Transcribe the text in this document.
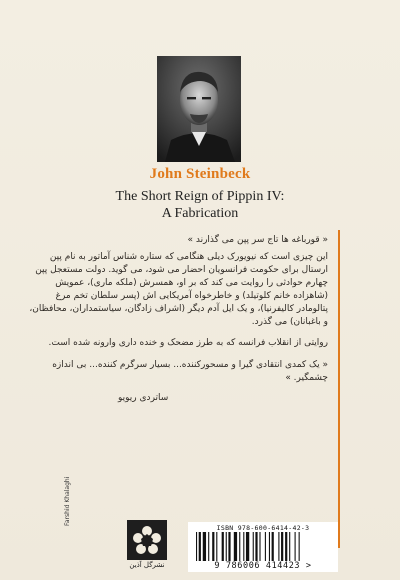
John Steinbeck
The Short Reign of Pippin IV:
A Fabrication
« قورباغه ها تاج سر پپن می گذارند »
این چیزی است که نیویورک دیلی هنگامی که ستاره شناس آماتور به نام پپن
ارستال برای حکومت فرانسویان احضار می شود، می گوید. دولت مستعجل پپن
چهارم حوادثی را روایت می کند که بر او، همسرش (ملکه ماری)، عمویش
(شاهزاده خانم کلوتیلد) و خاطرخواه آمریکایی اش (پسر سلطان تخم مرغ
پتالومادر کالیفرنیا)، و یک ایل آدم دیگر (اشراف زادگان، سیاستمداران، محافظان،
و باغبانان) می گذرد.
روایتی از انقلاب فرانسه که به طرز مضحک و خنده داری وارونه شده است.
« یک کمدی انتقادی گیرا و مسحورکننده... بسیار سرگرم کننده... بی اندازه
چشمگیر. »
ساتردی ریویو
Farshid Khalaghi
نشرگل آذین
ISBN 978-600-6414-42-3
9 786006 414423 >
